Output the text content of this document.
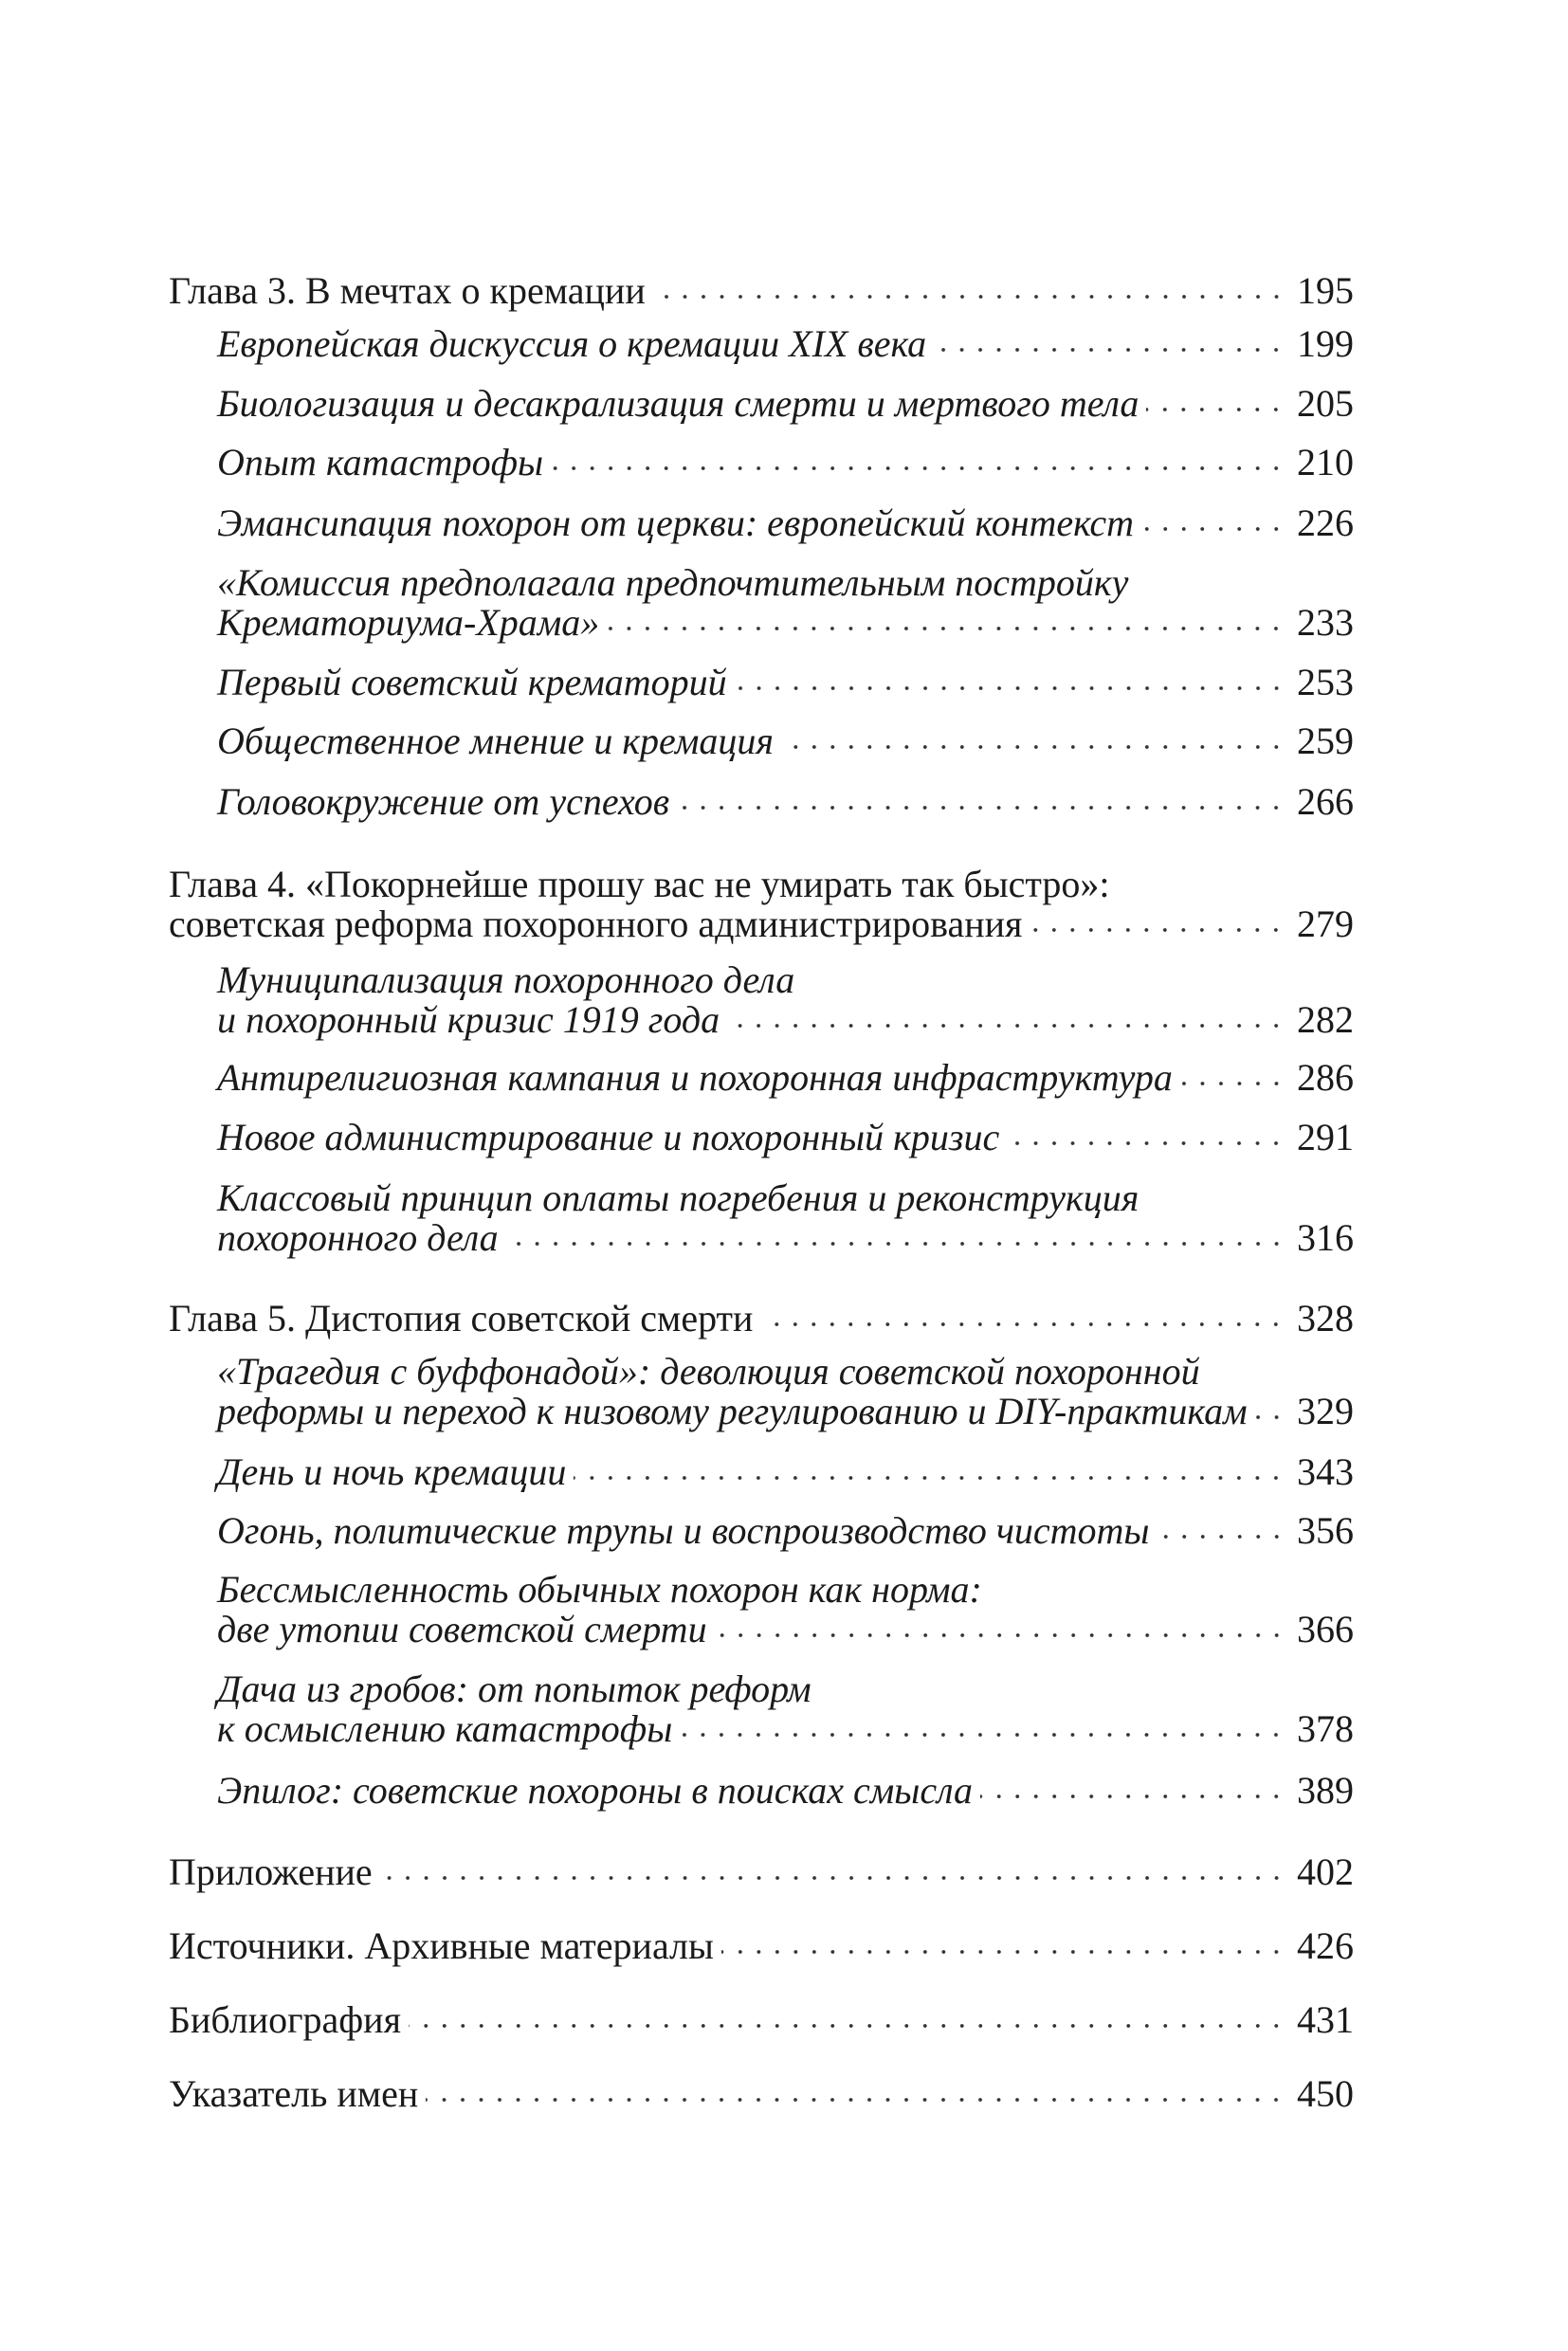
Глава 3. В мечтах о кремации	195
Европейская дискуссия о кремации XIX века	199
Биологизация и десакрализация смерти и мертвого тела	205
Опыт катастрофы	210
Эмансипация похорон от церкви: европейский контекст	226
«Комиссия предполагала предпочтительным постройку
Крематориума-Храма»	233
Первый советский крематорий	253
Общественное мнение и кремация	259
Головокружение от успехов	266
Глава 4. «Покорнейше прошу вас не умирать так быстро»:
советская реформа похоронного администрирования	279
Муниципализация похоронного дела
и похоронный кризис 1919 года	282
Антирелигиозная кампания и похоронная инфраструктура	286
Новое администрирование и похоронный кризис	291
Классовый принцип оплаты погребения и реконструкция
похоронного дела	316
Глава 5. Дистопия советской смерти	328
«Трагедия с буффонадой»: деволюция советской похоронной
реформы и переход к низовому регулированию и DIY-практикам 329
День и ночь кремации	343
Огонь, политические трупы и воспроизводство чистоты	356
Бессмысленность обычных похорон как норма:
две утопии советской смерти	366
Дача из гробов: от попыток реформ
к осмыслению катастрофы	378
Эпилог: советские похороны в поисках смысла	389
Приложение	402
Источники. Архивные материалы	426
Библиография	431
Указатель имен	450
